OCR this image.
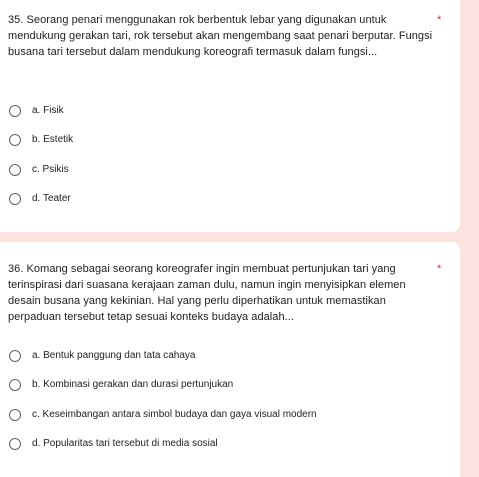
35. Seorang penari menggunakan rok berbentuk lebar yang digunakan untuk mendukung gerakan tari, rok tersebut akan mengembang saat penari berputar. Fungsi busana tari tersebut dalam mendukung koreografi termasuk dalam fungsi...
*
a. Fisik
b. Estetik
c. Psikis
d. Teater
36. Komang sebagai seorang koreografer ingin membuat pertunjukan tari yang terinspirasi dari suasana kerajaan zaman dulu, namun ingin menyisipkan elemen desain busana yang kekinian. Hal yang perlu diperhatikan untuk memastikan perpaduan tersebut tetap sesuai konteks budaya adalah...
*
a. Bentuk panggung dan tata cahaya
b. Kombinasi gerakan dan durasi pertunjukan
c. Keseimbangan antara simbol budaya dan gaya visual modern
d. Popularitas tari tersebut di media sosial
